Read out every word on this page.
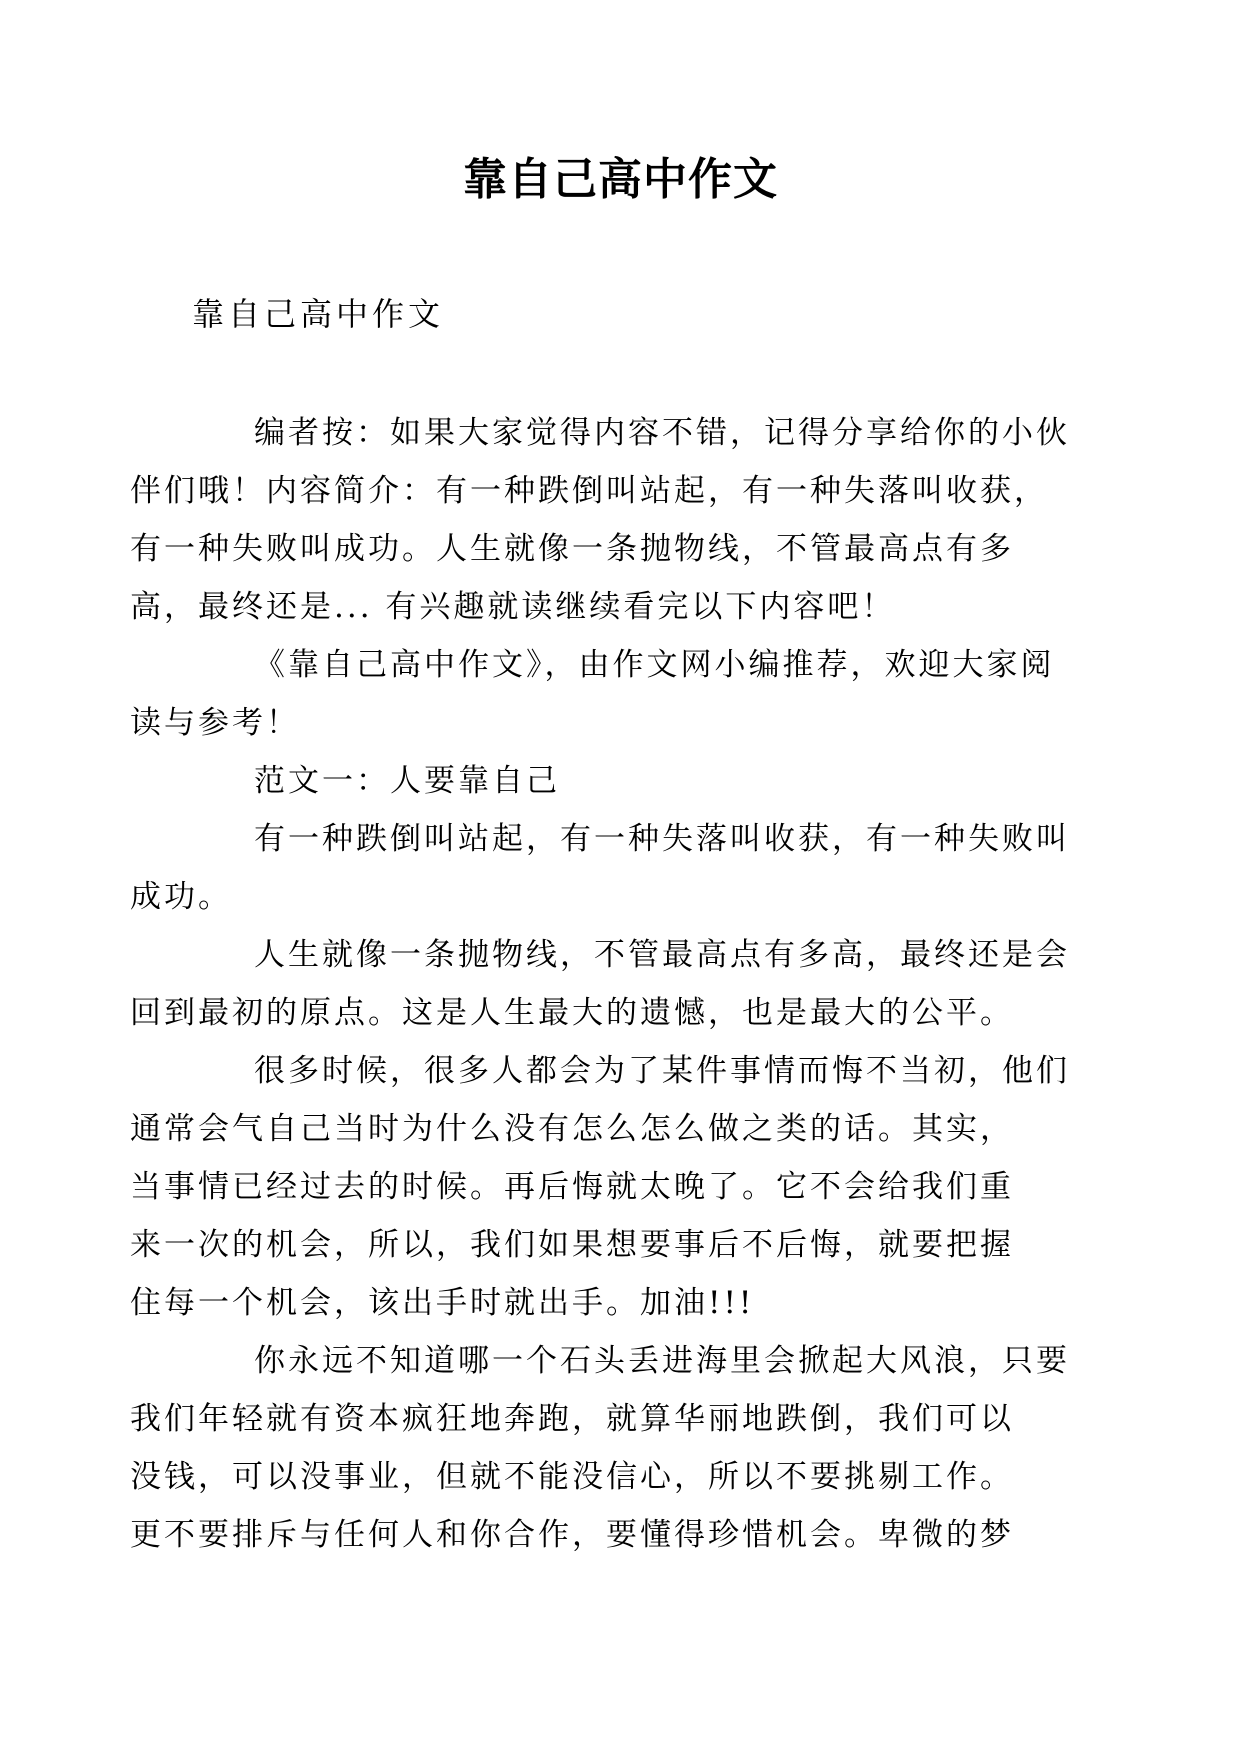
靠自己高中作文

靠自己高中作文

编者按：如果大家觉得内容不错，记得分享给你的小伙
伴们哦！内容简介：有一种跌倒叫站起，有一种失落叫收获，
有一种失败叫成功。人生就像一条抛物线，不管最高点有多
高，最终还是... 有兴趣就读继续看完以下内容吧！

《靠自己高中作文》，由作文网小编推荐，欢迎大家阅
读与参考！

范文一：人要靠自己

有一种跌倒叫站起，有一种失落叫收获，有一种失败叫
成功。

人生就像一条抛物线，不管最高点有多高，最终还是会
回到最初的原点。这是人生最大的遗憾，也是最大的公平。

很多时候，很多人都会为了某件事情而悔不当初，他们
通常会气自己当时为什么没有怎么怎么做之类的话。其实，
当事情已经过去的时候。再后悔就太晚了。它不会给我们重
来一次的机会，所以，我们如果想要事后不后悔，就要把握
住每一个机会，该出手时就出手。加油!!!

你永远不知道哪一个石头丢进海里会掀起大风浪，只要
我们年轻就有资本疯狂地奔跑，就算华丽地跌倒，我们可以
没钱，可以没事业，但就不能没信心，所以不要挑剔工作。
更不要排斥与任何人和你合作，要懂得珍惜机会。卑微的梦
